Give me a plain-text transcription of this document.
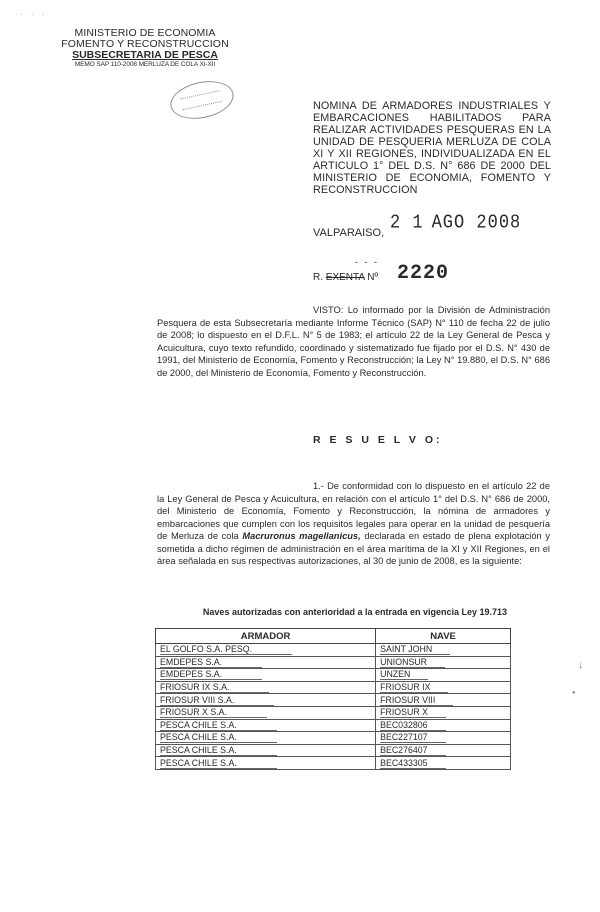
· · ·
MINISTERIO DE ECONOMIA
FOMENTO Y RECONSTRUCCION
SUBSECRETARIA DE PESCA
MEMO SAP 110-2008 MERLUZA DE COLA XI-XII
NOMINA DE ARMADORES INDUSTRIALES Y EMBARCACIONES HABILITADOS PARA REALIZAR ACTIVIDADES PESQUERAS EN LA UNIDAD DE PESQUERIA MERLUZA DE COLA XI Y XII REGIONES, INDIVIDUALIZADA EN EL ARTICULO 1° DEL D.S. N° 686 DE 2000 DEL MINISTERIO DE ECONOMIA, FOMENTO Y RECONSTRUCCION
2 1 AGO 2008
VALPARAISO,
- - -
R. EXENTA Nº 2220
VISTO: Lo informado por la División de Administración Pesquera de esta Subsecretaría mediante Informe Técnico (SAP) N° 110 de fecha 22 de julio de 2008; lo dispuesto en el D.F.L. N° 5 de 1983; el artículo 22 de la Ley General de Pesca y Acuicultura, cuyo texto refundido, coordinado y sistematizado fue fijado por el D.S. N° 430 de 1991, del Ministerio de Economía, Fomento y Reconstrucción; la Ley N° 19.880, el D.S. N° 686 de 2000, del Ministerio de Economía, Fomento y Reconstrucción.
R E S U E L V O:
1.- De conformidad con lo dispuesto en el artículo 22 de la Ley General de Pesca y Acuicultura, en relación con el artículo 1° del D.S. N° 686 de 2000, del Ministerio de Economía, Fomento y Reconstrucción, la nómina de armadores y embarcaciones que cumplen con los requisitos legales para operar en la unidad de pesquería de Merluza de cola Macruronus magellanicus, declarada en estado de plena explotación y sometida a dicho régimen de administración en el área marítima de la XI y XII Regiones, en el área señalada en sus respectivas autorizaciones, al 30 de junio de 2008, es la siguiente:
Naves autorizadas con anterioridad a la entrada en vigencia Ley 19.713
ARMADOR	NAVE
EL GOLFO S.A. PESQ.	SAINT JOHN
EMDEPES S.A.	UNIONSUR
EMDEPES S.A.	UNZEN
FRIOSUR IX S.A.	FRIOSUR IX
FRIOSUR VIII S.A.	FRIOSUR VIII
FRIOSUR X S.A.	FRIOSUR X
PESCA CHILE S.A.	BEC032806
PESCA CHILE S.A.	BEC227107
PESCA CHILE S.A.	BEC276407
PESCA CHILE S.A.	BEC433305
↓
●
